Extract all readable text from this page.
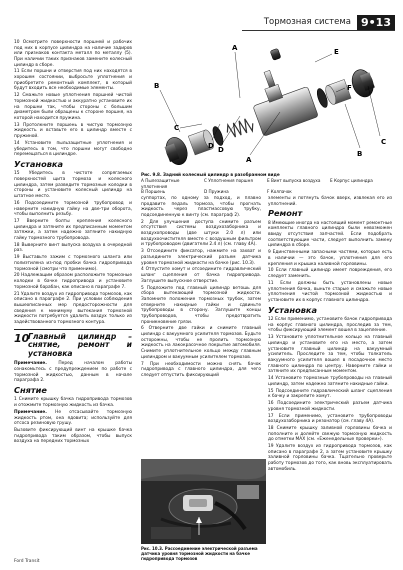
Тормозная система 9•13

10 Осмотрите поверхности поршней и рабочих под них в корпусе цилиндра на наличие задиров или признаков контакта металл по металлу (5). При наличии таких признаков замените колесный цилиндр в сборе.

11 Если поршни и отверстия под них находятся в хорошем состоянии, выбросьте уплотнения и приобретите ремонтный комплект, в который будут входить все необходимые элементы.

12 Смажьте новые уплотнения поршней чистой тормозной жидкостью и аккуратно установите их на поршни так, чтобы стороны с большим диаметром были обращены к стороне поршня, на которой находится пружина.

13 Протолкните поршень в чистую тормозную жидкость и вставьте его в цилиндр вместе с пружиной.

14 Установите пыльзащитные уплотнения и убедитесь в том, что поршни могут свободно перемещаться в цилиндре.

Установка

15 Убедитесь в чистоте сопрягаемых поверхностей щита тормоза и колесного цилиндра, затем разведите тормозные колодки в стороны и установите колесный цилиндр на штатное место.

16 Подсоедините тормозной трубопровод и наверните накидную гайку на две-три оборота, чтобы выполнить резьбу.

17 Вверните болты крепления колесного цилиндра и затяните их предписанным моментом затяжки, а затем надежно затяните накидную гайку тормозного трубопровода.

18 Выверните винт выпуска воздуха в очередной раз.

19 Выставьте зажим с тормозного шланга или полиэтилена из-под пробки бачка гидропривода тормозной (смотри что применимо).

20 Надлежащим образом расположите тормозные колодки в бачке гидропривода и установите тормозной барабан, как описано в параграфе 7.

21 Удалите воздух из гидропривода тормозов, как описано в параграфе 2. При условии соблюдения вышеописанных мер предосторожности для сведения к минимуму вытекания тормозной жидкости потребуется удалить воздух только из задействованного тормозного контура.

10
Главный цилиндр – снятие, ремонт и установка

Примечание.	Перед началом работы ознакомьтесь с предупреждением по работе с тормозной жидкостью, данным в начале параграфа 2.

Снятие

1 Снимите крышку бачка гидропривода тормозов и отожмите тормозную жидкость из бачка.

Примечание. Не отсасывайте тормозную жидкость ртом, она ядовита; используйте для отсоса резиновую грушу.

Вызовите фиксирующий винт на крышке бачка гидропривода таким образом, чтобы выпуск воздуха на передних тормозных

A
B
C
D
E
F
A
B
C
D
Рис. 9.8. Задний колесный цилиндр в разобранном виде
A Пылезащитные уплотнения
C Уплотнения поршня	E Винт выпуска воздуха	E Корпус цилиндра
B Поршень	D Пружина	F Колпачок

суппортах, по одному за подход, и плавно продавите педаль тормоза, чтобы прогнать жидкость через пластмассовую трубку, подсоединенную к винту (см. параграф 2).

2 Для улучшения доступа снимите разъем отсутствия системы воздухозаборника и воздухопроводы (две штуки 2.0 л) или воздухоочистителя вместе с воздушным фильтром и трубопроводом (двигатели 2.4 л) (см. главу 4A).

3 Отсоедините фиксатор, нажмите на захват и разъедините электрический разъем датчика уровня тормозной жидкости на бачке (рис. 10.3).

4 Отпустите хомут и отсоедините гидравлический шланг сцепления от бачка гидропривода. Заглушите выпускное отверстие.

5 Подложите под главный цилиндр ветошь для сбора вытекающей тормозной жидкости. Запомните положение тормозных трубок, затем отверните накидные гайки и сдвиньте трубопроводы в сторону. Заглушите концы трубопроводов, чтобы предотвратить проникновение грязи.

6 Отверните две гайки и снимите главный цилиндр с вакуумного усилителя тормозов. Будьте осторожны, чтобы не пролить тормозную жидкость на лакокрасочное покрытие автомобиля. Снимите уплотнительное кольцо между главным цилиндром и вакуумным усилителем тормозов.

7 При необходимости можно снять бачок гидропривода с главного цилиндра, для чего следует отпустить фиксирующий

Рис. 10.3. Рассоединение электрической разъема датчика уровня тормозной жидкости на бачке гидропривода тормозов

элементы и потянуть бачок вверх, извлекая его из уплотнений.

Ремонт

8 Имеющие иногда на настоящий момент ремонтные комплекты главного цилиндра были невозможен ввиду отсутствия запчастей. Если подобрать соответствующие части, следует выполнить замену цилиндра в сборе.

9 Единственными запасными частями, которые есть в наличии — это бачок, уплотнения для его крепления и крышка наливной горловины.

10 Если главный цилиндр имеет повреждения, его следует заменить.

11 Если должны быть установлены новые уплотнения бачка, выньте старые и смажьте новые уплотнения чистой тормозной жидкостью и установите их в корпус главного цилиндра.

Установка

12 Если применимо, установите бачок гидропривода на корпус главного цилиндра, проследив за тем, чтобы фиксирующий элемент вошел в зацепление.

13 Установите уплотнительное кольцо на главный цилиндр и установите его на место, а затем установите главный цилиндр на вакуумный усилитель. Проследите за тем, чтобы толкатель вакуумного усилителя вошел в посадочное место главного цилиндра по центру. Наверните гайки и затяните их предписанным моментом.

14 Установите тормозные трубопроводы на главный цилиндр, затем надежно затяните накидные гайки.

15 Подсоедините гидравлический шланг сцепления к бачку и закрепите хомут.

16 Подсоедините электрический разъем датчика уровня тормозной жидкости.

17 Если применимо, установите трубопроводы воздухозаборника и резонатор (см. главу 4A).

18 Снимите крышку заливной горловины бачка и пополните и долейте свежую тормозную жидкость до отметки MAX (см. «Еженедельные проверки»).

19 Удалите воздух из гидропривода тормозов, как описано в параграфе 2, а затем установите крышку заливной горловины бачка. Тщательно проверьте работу тормозов до того, как вновь эксплуатировать автомобиль.

Ford Transit
